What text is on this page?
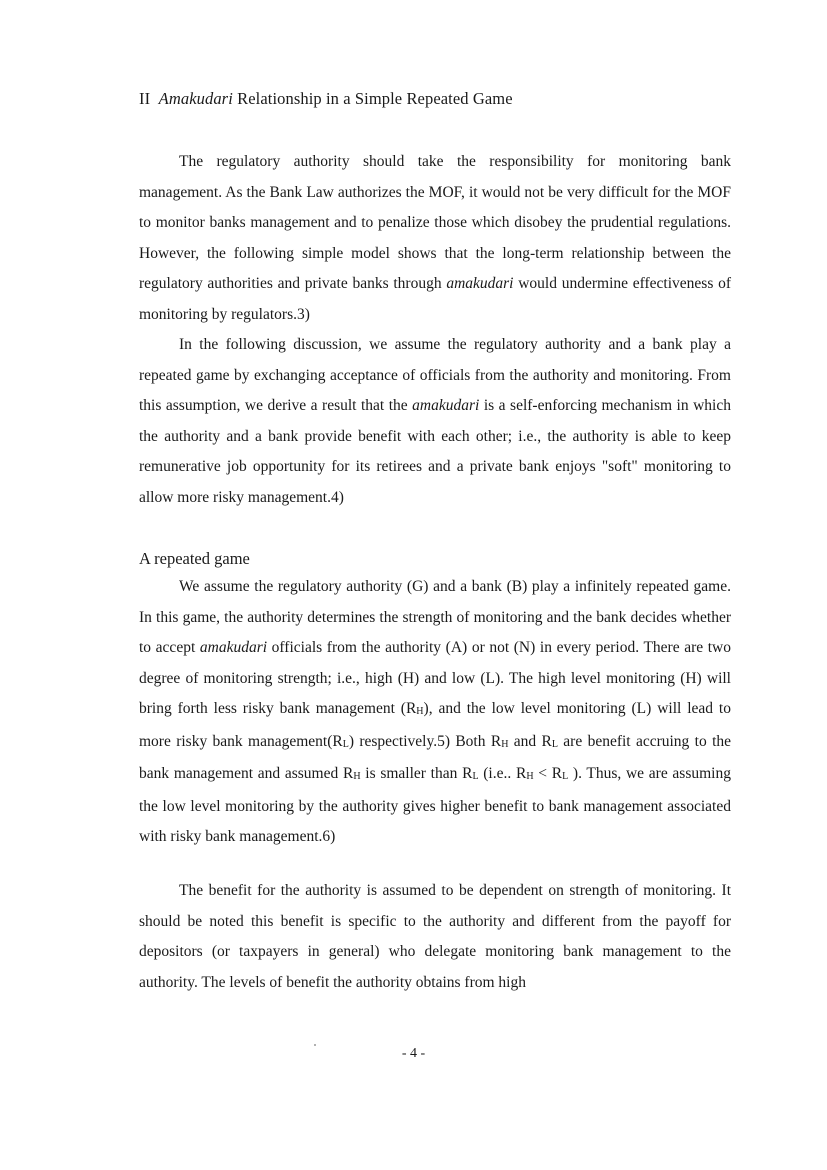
II Amakudari Relationship in a Simple Repeated Game

The regulatory authority should take the responsibility for monitoring bank management. As the Bank Law authorizes the MOF, it would not be very difficult for the MOF to monitor banks management and to penalize those which disobey the prudential regulations. However, the following simple model shows that the long-term relationship between the regulatory authorities and private banks through amakudari would undermine effectiveness of monitoring by regulators.3)

In the following discussion, we assume the regulatory authority and a bank play a repeated game by exchanging acceptance of officials from the authority and monitoring. From this assumption, we derive a result that the amakudari is a self-enforcing mechanism in which the authority and a bank provide benefit with each other; i.e., the authority is able to keep remunerative job opportunity for its retirees and a private bank enjoys "soft" monitoring to allow more risky management.4)

A repeated game

We assume the regulatory authority (G) and a bank (B) play a infinitely repeated game. In this game, the authority determines the strength of monitoring and the bank decides whether to accept amakudari officials from the authority (A) or not (N) in every period. There are two degree of monitoring strength; i.e., high (H) and low (L). The high level monitoring (H) will bring forth less risky bank management $(R_H)$, and the low level monitoring (L) will lead to more risky bank $management(R_L)$ respectively.5) Both $R_H$ and $R_L$ are benefit accruing to the bank management and assumed $R_H$ is smaller than $R_L$ (i.e.. $R_H < R_L$ ). Thus, we are assuming the low level monitoring by the authority gives higher benefit to bank management associated with risky bank management.6)

The benefit for the authority is assumed to be dependent on strength of monitoring. It should be noted this benefit is specific to the authority and different from the payoff for depositors (or taxpayers in general) who delegate monitoring bank management to the authority. The levels of benefit the authority obtains from high

- 4 -
